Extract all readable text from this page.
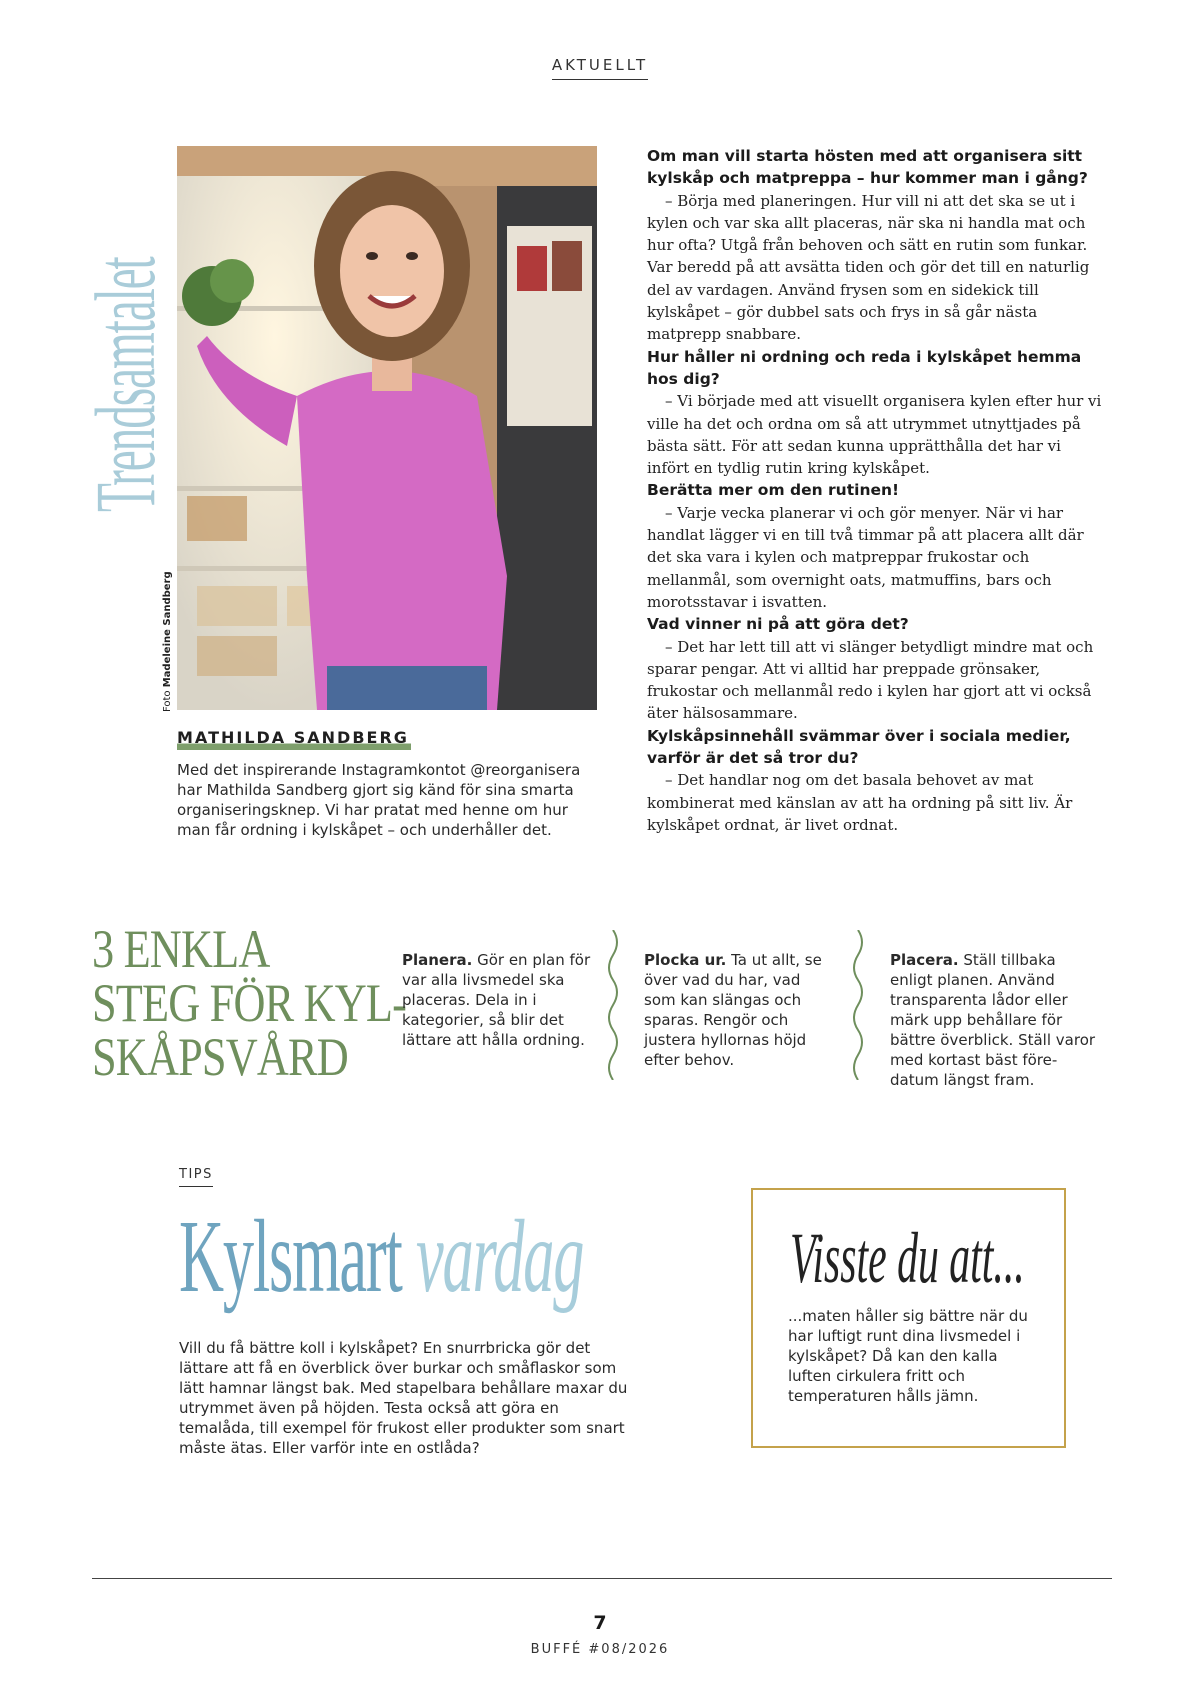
AKTUELLT
Trendsamtalet
Foto Madeleine Sandberg
MATHILDA SANDBERG
Med det inspirerande Instagramkontot @reorganisera har Mathilda Sandberg gjort sig känd för sina smarta organiseringsknep. Vi har pratat med henne om hur man får ordning i kylskåpet – och underhåller det.

Om man vill starta hösten med att organisera sitt kylskåp och matpreppa – hur kommer man i gång?

– Börja med planeringen. Hur vill ni att det ska se ut i kylen och var ska allt placeras, när ska ni handla mat och hur ofta? Utgå från behoven och sätt en rutin som funkar. Var beredd på att avsätta tiden och gör det till en naturlig del av vardagen. Använd frysen som en sidekick till kylskåpet – gör dubbel sats och frys in så går nästa matprepp snabbare.

Hur håller ni ordning och reda i kylskåpet hemma hos dig?

– Vi började med att visuellt organisera kylen efter hur vi ville ha det och ordna om så att utrymmet utnyttjades på bästa sätt. För att sedan kunna upprätthålla det har vi infört en tydlig rutin kring kylskåpet.

Berätta mer om den rutinen!

– Varje vecka planerar vi och gör menyer. När vi har handlat lägger vi en till två timmar på att placera allt där det ska vara i kylen och matpreppar frukostar och mellanmål, som overnight oats, matmuffins, bars och morotsstavar i isvatten.

Vad vinner ni på att göra det?

– Det har lett till att vi slänger betydligt mindre mat och sparar pengar. Att vi alltid har preppade grönsaker, frukostar och mellanmål redo i kylen har gjort att vi också äter hälsosammare.

Kylskåpsinnehåll svämmar över i sociala medier, varför är det så tror du?

– Det handlar nog om det basala behovet av mat kombinerat med känslan av att ha ordning på sitt liv. Är kylskåpet ordnat, är livet ordnat.

3 ENKLA
STEG FÖR KYL-
SKÅPSVÅRD
Planera. Gör en plan för var alla livsmedel ska placeras. Dela in i kategorier, så blir det lättare att hålla ordning.
Plocka ur. Ta ut allt, se över vad du har, vad som kan slängas och sparas. Rengör och justera hyllornas höjd efter behov.
Placera. Ställ tillbaka enligt planen. Använd transparenta lådor eller märk upp behållare för bättre överblick. Ställ varor med kortast bäst före-datum längst fram.
TIPS
Kylsmart vardag
Vill du få bättre koll i kylskåpet? En snurrbricka gör det lättare att få en överblick över burkar och småflaskor som lätt hamnar längst bak. Med stapelbara behållare maxar du utrymmet även på höjden. Testa också att göra en temalåda, till exempel för frukost eller produkter som snart måste ätas. Eller varför inte en ostlåda?
Visste du att...
...maten håller sig bättre när du har luftigt runt dina livsmedel i kylskåpet? Då kan den kalla luften cirkulera fritt och temperaturen hålls jämn.
7
BUFFÉ #08/2026
